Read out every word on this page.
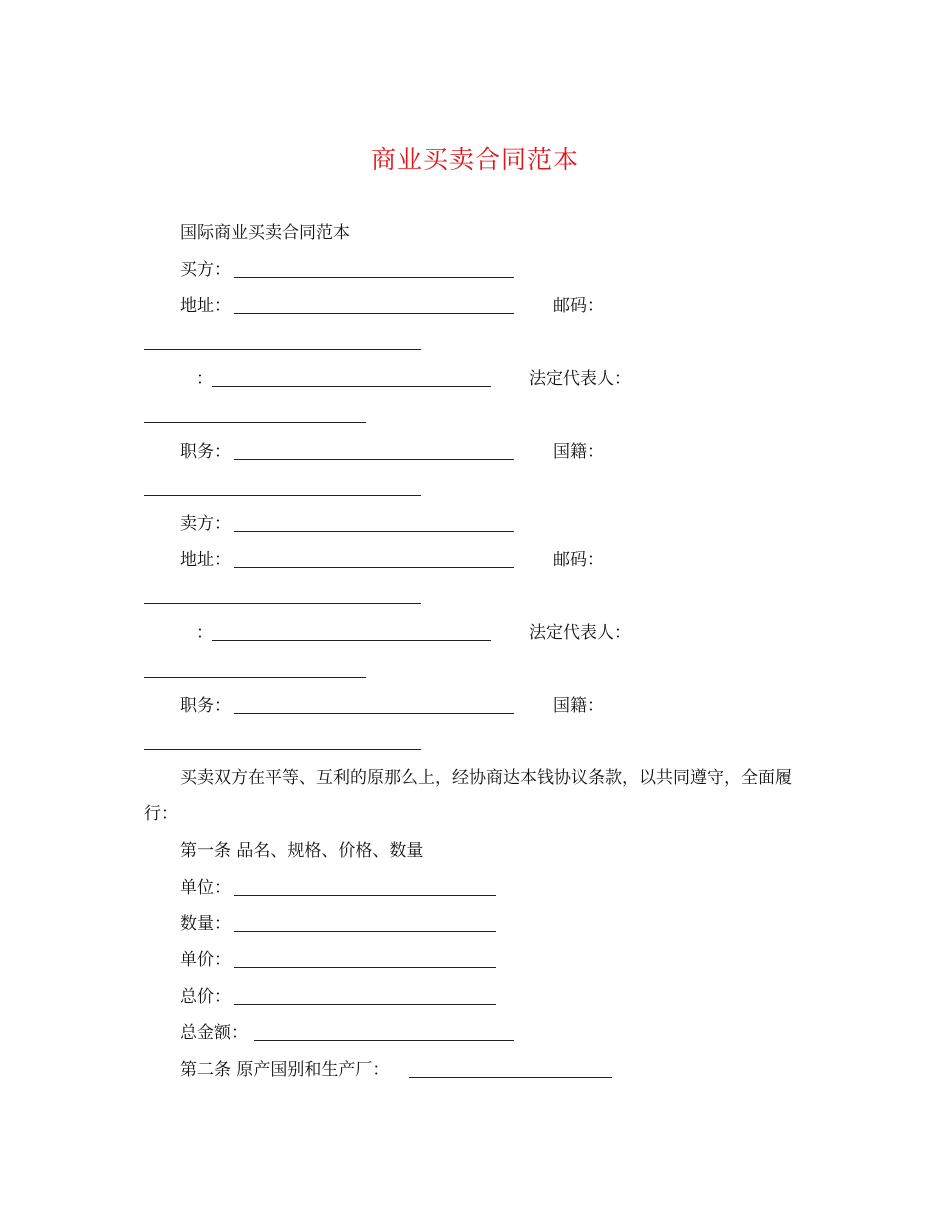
商业买卖合同范本
国际商业买卖合同范本
买方：
地址：	邮码：
：	法定代表人：
职务：	国籍：
卖方：
地址：	邮码：
：	法定代表人：
职务：	国籍：
买卖双方在平等、互利的原那么上，经协商达本钱协议条款，以共同遵守，全面履行：
第一条 品名、规格、价格、数量
单位：
数量：
单价：
总价：
总金额：
第二条 原产国别和生产厂：
